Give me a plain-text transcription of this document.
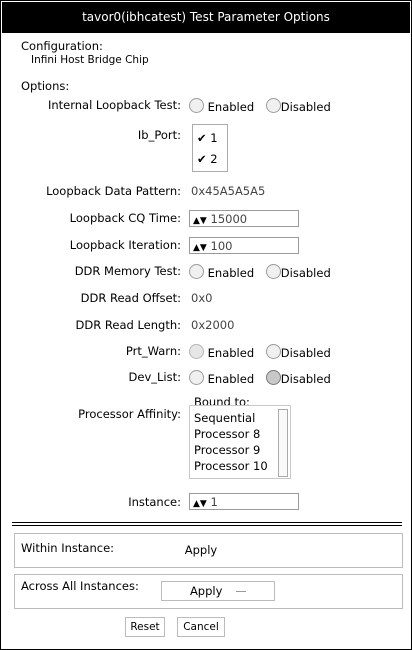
tavor0(ibhcatest) Test Parameter Options
Configuration:
Infini Host Bridge Chip
Options:
Internal Loopback Test:	Enabled Disabled
Ib_Port: ✔ 1
✔ 2
Loopback Data Pattern: 0x45A5A5A5
Loopback CQ Time:	▲▼ 15000
Loopback Iteration:	▲▼ 100
DDR Memory Test:	Enabled Disabled
DDR Read Offset: 0x0
DDR Read Length: 0x2000
Prt_Warn:	Enabled Disabled
Dev_List:	Enabled Disabled
Processor Affinity:
Bound to:
Sequential
Processor 8
Processor 9
Processor 10
Instance:	▲▼ 1
Within Instance:	Apply
Across All Instances:	Apply
Reset	Cancel
